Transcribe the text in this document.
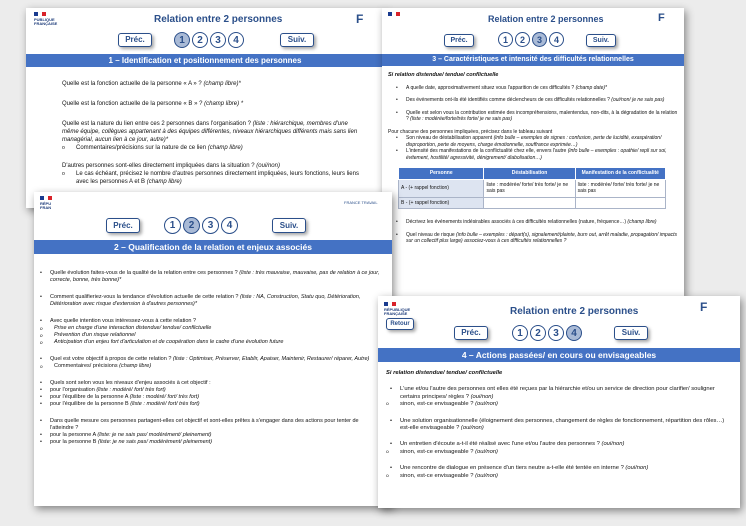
PUBLIQUE FRANÇAISE	Relation entre 2 personnes	F
Préc.	1	2	3	4	Suiv.
1 – Identification et positionnement des personnes

Quelle est la fonction actuelle de la personne « A » ? (champ libre)*

Quelle est la fonction actuelle de la personne « B » ? (champ libre) *

Quelle est la nature du lien entre ces 2 personnes dans l'organisation ? (liste : hiérarchique, membres d'une même équipe, collègues appartenant à des équipes différentes, niveaux hiérarchiques différents mais sans lien managérial, aucun lien à ce jour, autre)*

o Commentaires/précisions sur la nature de ce lien (champ libre)

D'autres personnes sont-elles directement impliquées dans la situation ? (oui/non)

o Le cas échéant, précisez le nombre d'autres personnes directement impliquées, leurs fonctions, leurs liens avec les personnes A et B (champ libre)

Relation entre 2 personnes	F
Préc.	1	2	3	4	Suiv.
3 – Caractéristiques et intensité des difficultés relationnelles

Si relation distendue/ tendue/ conflictuelle

• A quelle date, approximativement situez vous l'apparition de ces difficultés ? (champ date)*

• Des événements ont-ils été identifiés comme déclencheurs de ces difficultés relationnelles ? (oui/non/ je ne sais pas)

• Quelle est selon vous la contribution estimée des incompréhensions, malentendus, non-dits, à la dégradation de la relation ? (liste : modérée/forte/très forte/ je ne sais pas)

Pour chacune des personnes impliquées, précisez dans le tableau suivant

• Son niveau de déstabilisation apparent (info bulle – exemples de signes : confusion, perte de lucidité, exaspération/ disproportion, perte de moyens, charge émotionnelle, souffrance exprimée…)

• L'intensité des manifestations de la conflictualité chez elle, envers l'autre (info bulle – exemples : opathie/ repli sur soi, évitement, hostilité/ agressivité, dénigrement/ diabolisation…)

Personne	Déstabilisation	Manifestation de la conflictualité
A - (+ rappel fonction)	liste : modérée/ forte/ très forte/ je ne sais pas	liste : modérée/ forte/ très forte/ je ne sais pas
B - (+ rappel fonction)		

• Décrivez les événements indésirables associés à ces difficultés relationnelles (nature, fréquence…) (champ libre)

• Quel niveau de risque (info bulle – exemples : départ(s), signalement/plainte, burn out, arrêt maladie, propagation/ impacts sur un collectif plus large) associez-vous à ces difficultés relationnelles ?

RÉPU FRAN
FRANCE TRAVAIL
Préc.	1	2	3	4	Suiv.
2 – Qualification de la relation et enjeux associés

• Quelle évolution faites-vous de la qualité de la relation entre ces personnes ? (liste : très mauvaise, mauvaise, pas de relation à ce jour, correcte, bonne, très bonne)*

• Comment qualifieriez-vous la tendance d'évolution actuelle de cette relation ? (liste : NA, Construction, Statu quo, Détérioration, Détérioration avec risque d'extension à d'autres personnes)*

• Avec quelle intention vous intéressez-vous à cette relation ?

o Prise en charge d'une interaction distendue/ tendue/ conflictuelle

o Prévention d'un risque relationnel

o Anticipation d'un enjeu fort d'articulation et de coopération dans le cadre d'une évolution future

• Quel est votre objectif à propos de cette relation ? (liste : Optimiser, Préserver, Etablir, Apaiser, Maintenir, Restaurer/ réparer, Autre)

o Commentaires/ précisions (champ libre)

• Quels sont selon vous les niveaux d'enjeu associés à cet objectif :

• pour l'organisation (liste : modéré/ fort/ très fort)

• pour l'équilibre de la personne A (liste : modéré/ fort/ très fort)

• pour l'équilibre de la personne B (liste : modéré/ fort/ très fort)

• Dans quelle mesure ces personnes partagent-elles cet objectif et sont-elles prêtes à s'engager dans des actions pour tenter de l'atteindre ?

• pour la personne A (liste: je ne sais pas/ modérément/ pleinement)

• pour la personne B (liste: je ne sais pas/ modérément/ pleinement)

RÉPUBLIQUE FRANÇAISE	Relation entre 2 personnes	F
Retour
Préc.	1	2	3	4	Suiv.
4 – Actions passées/ en cours ou envisageables

Si relation distendue/ tendue/ conflictuelle

• L'une et/ou l'autre des personnes ont elles été reçues par la hiérarchie et/ou un service de direction pour clarifier/ souligner certains principes/ règles ? (oui/non)

o sinon, est-ce envisageable ? (oui/non)

• Une solution organisationnelle (éloignement des personnes, changement de règles de fonctionnement, répartition des rôles…) est-elle envisageable ? (oui/non)

• Un entretien d'écoute a-t-il été réalisé avec l'une et/ou l'autre des personnes ? (oui/non)

o sinon, est-ce envisageable ? (oui/non)

• Une rencontre de dialogue en présence d'un tiers neutre a-t-elle été tentée en interne ? (oui/non)

o sinon, est-ce envisageable ? (oui/non)
